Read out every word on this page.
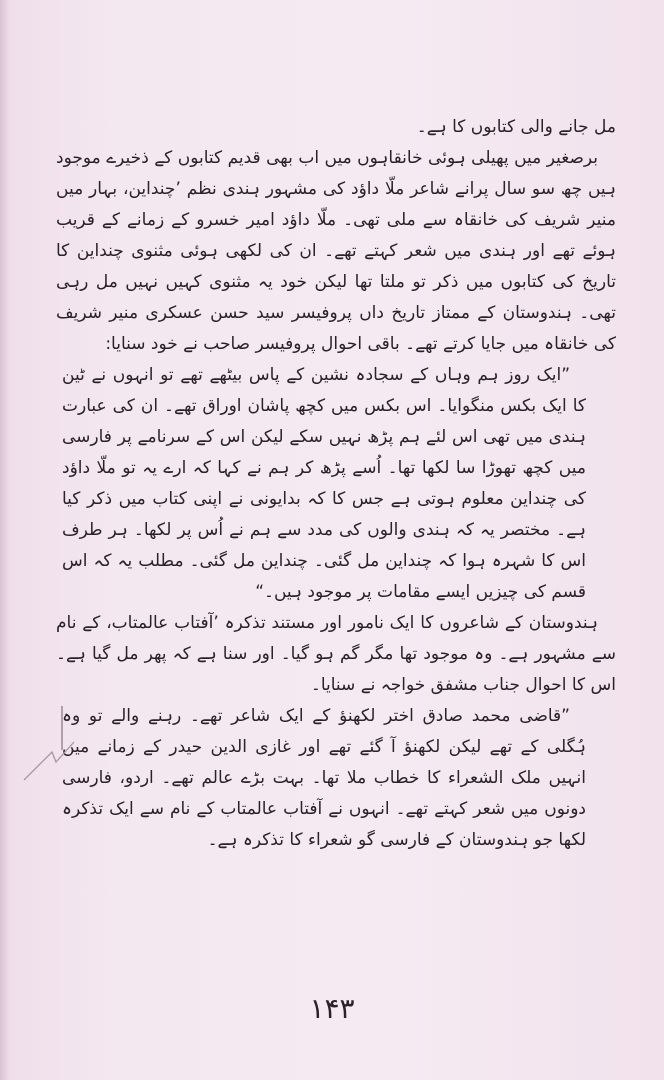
مل جانے والی کتابوں کا ہے۔

برصغیر میں پھیلی ہوئی خانقاہوں میں اب بھی قدیم کتابوں کے ذخیرے موجود ہیں چھ سو سال پرانے شاعر ملّا داؤد کی مشہور ہندی نظم ’چنداین، بہار میں منیر شریف کی خانقاہ سے ملی تھی۔ ملّا داؤد امیر خسرو کے زمانے کے قریب ہوئے تھے اور ہندی میں شعر کہتے تھے۔ ان کی لکھی ہوئی مثنوی چنداین کا تاریخ کی کتابوں میں ذکر تو ملتا تھا لیکن خود یہ مثنوی کہیں نہیں مل رہی تھی۔ ہندوستان کے ممتاز تاریخ داں پروفیسر سید حسن عسکری منیر شریف کی خانقاہ میں جایا کرتے تھے۔ باقی احوال پروفیسر صاحب نے خود سنایا:

”ایک روز ہم وہاں کے سجادہ نشین کے پاس بیٹھے تھے تو انہوں نے ٹین کا ایک بکس منگوایا۔ اس بکس میں کچھ پاشان اوراق تھے۔ ان کی عبارت ہندی میں تھی اس لئے ہم پڑھ نہیں سکے لیکن اس کے سرنامے پر فارسی میں کچھ تھوڑا سا لکھا تھا۔ اُسے پڑھ کر ہم نے کہا کہ ارے یہ تو ملّا داؤد کی چنداین معلوم ہوتی ہے جس کا کہ بدایونی نے اپنی کتاب میں ذکر کیا ہے۔ مختصر یہ کہ ہندی والوں کی مدد سے ہم نے اُس پر لکھا۔ ہر طرف اس کا شہرہ ہوا کہ چنداین مل گئی۔ چنداین مل گئی۔ مطلب یہ کہ اس قسم کی چیزیں ایسے مقامات پر موجود ہیں۔“

ہندوستان کے شاعروں کا ایک نامور اور مستند تذکرہ ’آفتاب عالمتاب، کے نام سے مشہور ہے۔ وہ موجود تھا مگر گم ہو گیا۔ اور سنا ہے کہ پھر مل گیا ہے۔ اس کا احوال جناب مشفق خواجہ نے سنایا۔

”قاضی محمد صادق اختر لکھنؤ کے ایک شاعر تھے۔ رہنے والے تو وہ ہُگلی کے تھے لیکن لکھنؤ آ گئے تھے اور غازی الدین حیدر کے زمانے میں انہیں ملک الشعراء کا خطاب ملا تھا۔ بہت بڑے عالم تھے۔ اردو، فارسی دونوں میں شعر کہتے تھے۔ انہوں نے آفتاب عالمتاب کے نام سے ایک تذکرہ لکھا جو ہندوستان کے فارسی گو شعراء کا تذکرہ ہے۔

۱۴۳
